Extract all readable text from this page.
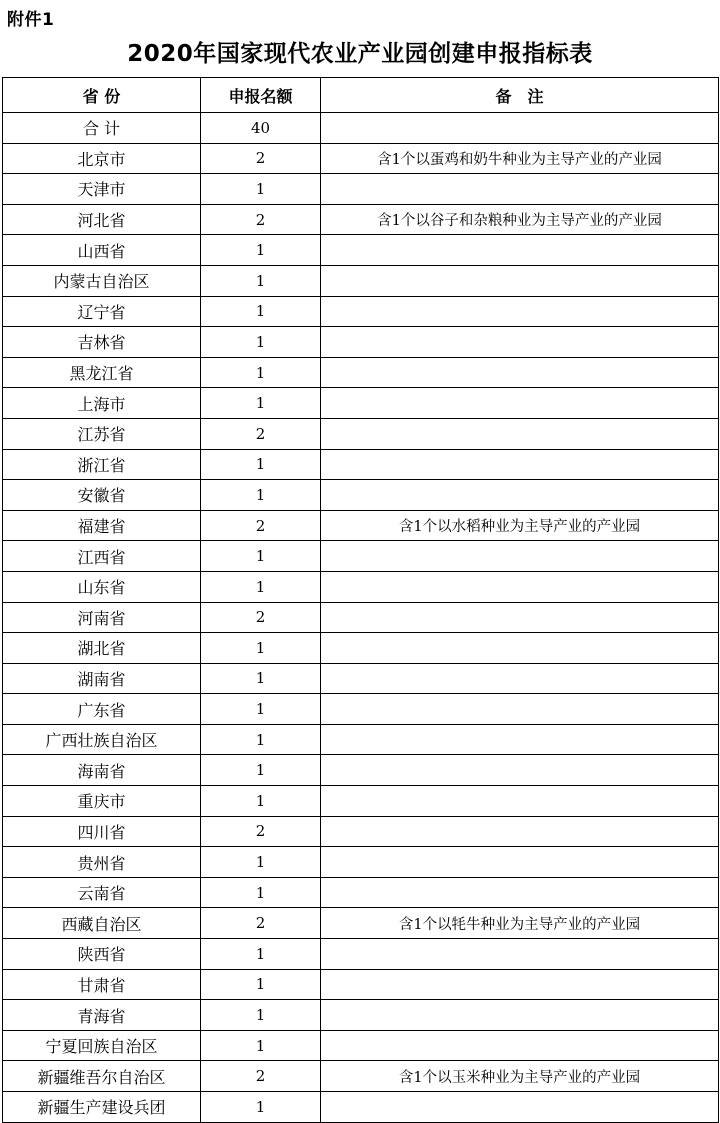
附件1
2020年国家现代农业产业园创建申报指标表
省 份	申报名额	备　注
合 计	40	
北京市	2	含1个以蛋鸡和奶牛种业为主导产业的产业园
天津市	1	
河北省	2	含1个以谷子和杂粮种业为主导产业的产业园
山西省	1	
内蒙古自治区	1	
辽宁省	1	
吉林省	1	
黑龙江省	1	
上海市	1	
江苏省	2	
浙江省	1	
安徽省	1	
福建省	2	含1个以水稻种业为主导产业的产业园
江西省	1	
山东省	1	
河南省	2	
湖北省	1	
湖南省	1	
广东省	1	
广西壮族自治区	1	
海南省	1	
重庆市	1	
四川省	2	
贵州省	1	
云南省	1	
西藏自治区	2	含1个以牦牛种业为主导产业的产业园
陕西省	1	
甘肃省	1	
青海省	1	
宁夏回族自治区	1	
新疆维吾尔自治区	2	含1个以玉米种业为主导产业的产业园
新疆生产建设兵团	1	
